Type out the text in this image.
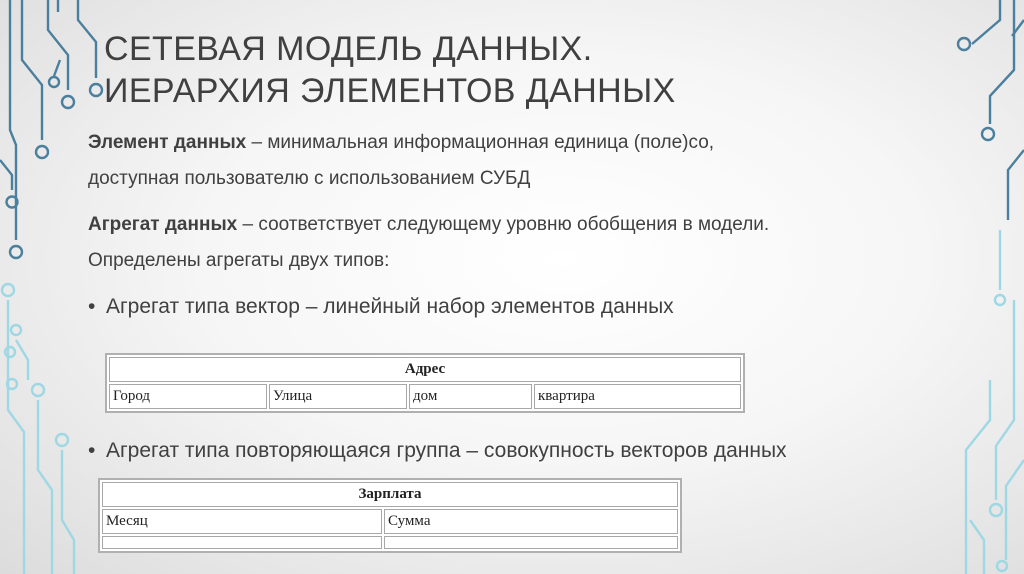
СЕТЕВАЯ МОДЕЛЬ ДАННЫХ.
ИЕРАРХИЯ ЭЛЕМЕНТОВ ДАННЫХ

Элемент данных – минимальная информационная единица (поле)со,
доступная пользователю с использованием СУБД

Агрегат данных – соответствует следующему уровню обобщения в модели.
Определены агрегаты двух типов:

• Агрегат типа вектор – линейный набор элементов данных

• Агрегат типа повторяющаяся группа – совокупность векторов данных

Адрес
Город	Улица	дом	квартира
Зарплата	
Месяц	Сумма
